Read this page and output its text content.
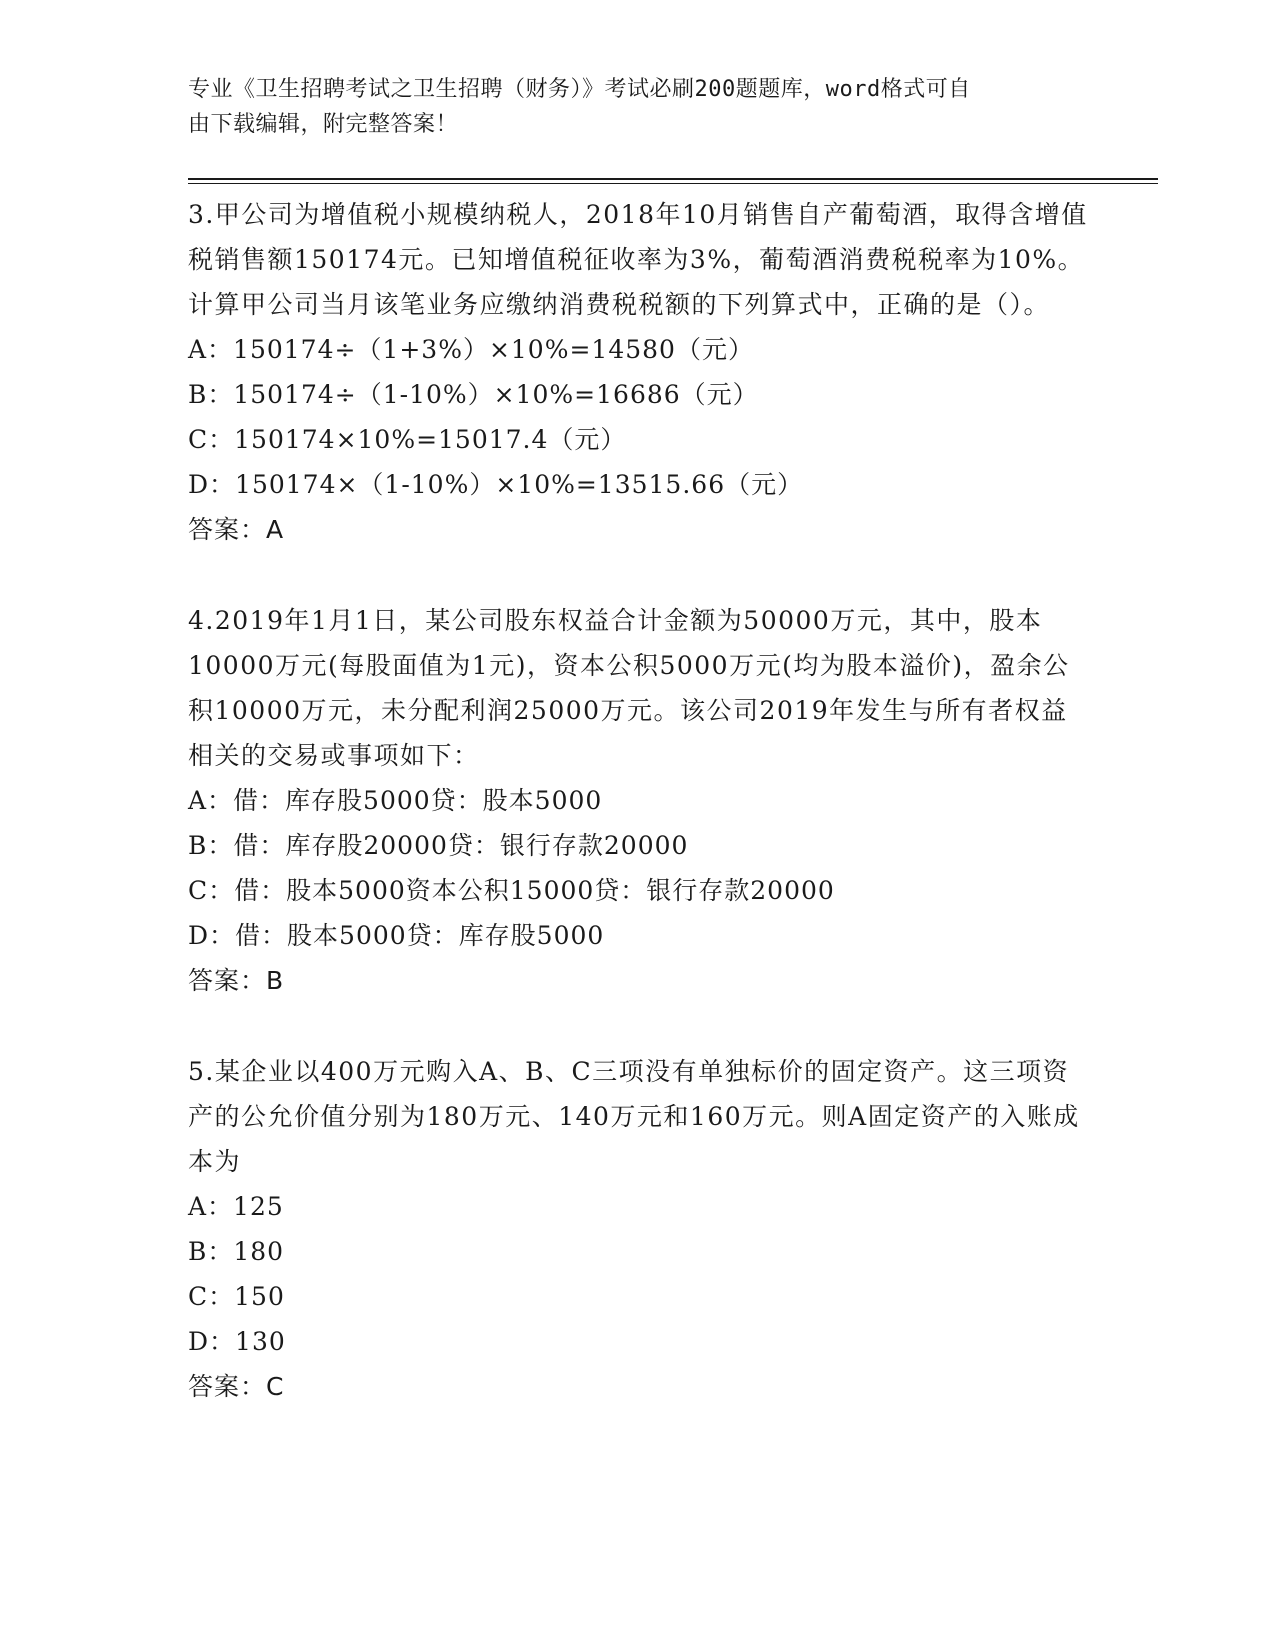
专业《卫生招聘考试之卫生招聘（财务）》考试必刷200题题库，word格式可自
由下载编辑，附完整答案！
3.甲公司为增值税小规模纳税人，2018年10月销售自产葡萄酒，取得含增值税销售额150174元。已知增值税征收率为3%，葡萄酒消费税税率为10%。计算甲公司当月该笔业务应缴纳消费税税额的下列算式中，正确的是（）。
A：150174÷（1+3%）×10%=14580（元）
B：150174÷（1-10%）×10%=16686（元）
C：150174×10%=15017.4（元）
D：150174×（1-10%）×10%=13515.66（元）
答案：A
4.2019年1月1日，某公司股东权益合计金额为50000万元，其中，股本10000万元(每股面值为1元)，资本公积5000万元(均为股本溢价)，盈余公积10000万元，未分配利润25000万元。该公司2019年发生与所有者权益相关的交易或事项如下：
A：借：库存股5000贷：股本5000
B：借：库存股20000贷：银行存款20000
C：借：股本5000资本公积15000贷：银行存款20000
D：借：股本5000贷：库存股5000
答案：B
5.某企业以400万元购入A、B、C三项没有单独标价的固定资产。这三项资产的公允价值分别为180万元、140万元和160万元。则A固定资产的入账成本为
A：125
B：180
C：150
D：130
答案：C
